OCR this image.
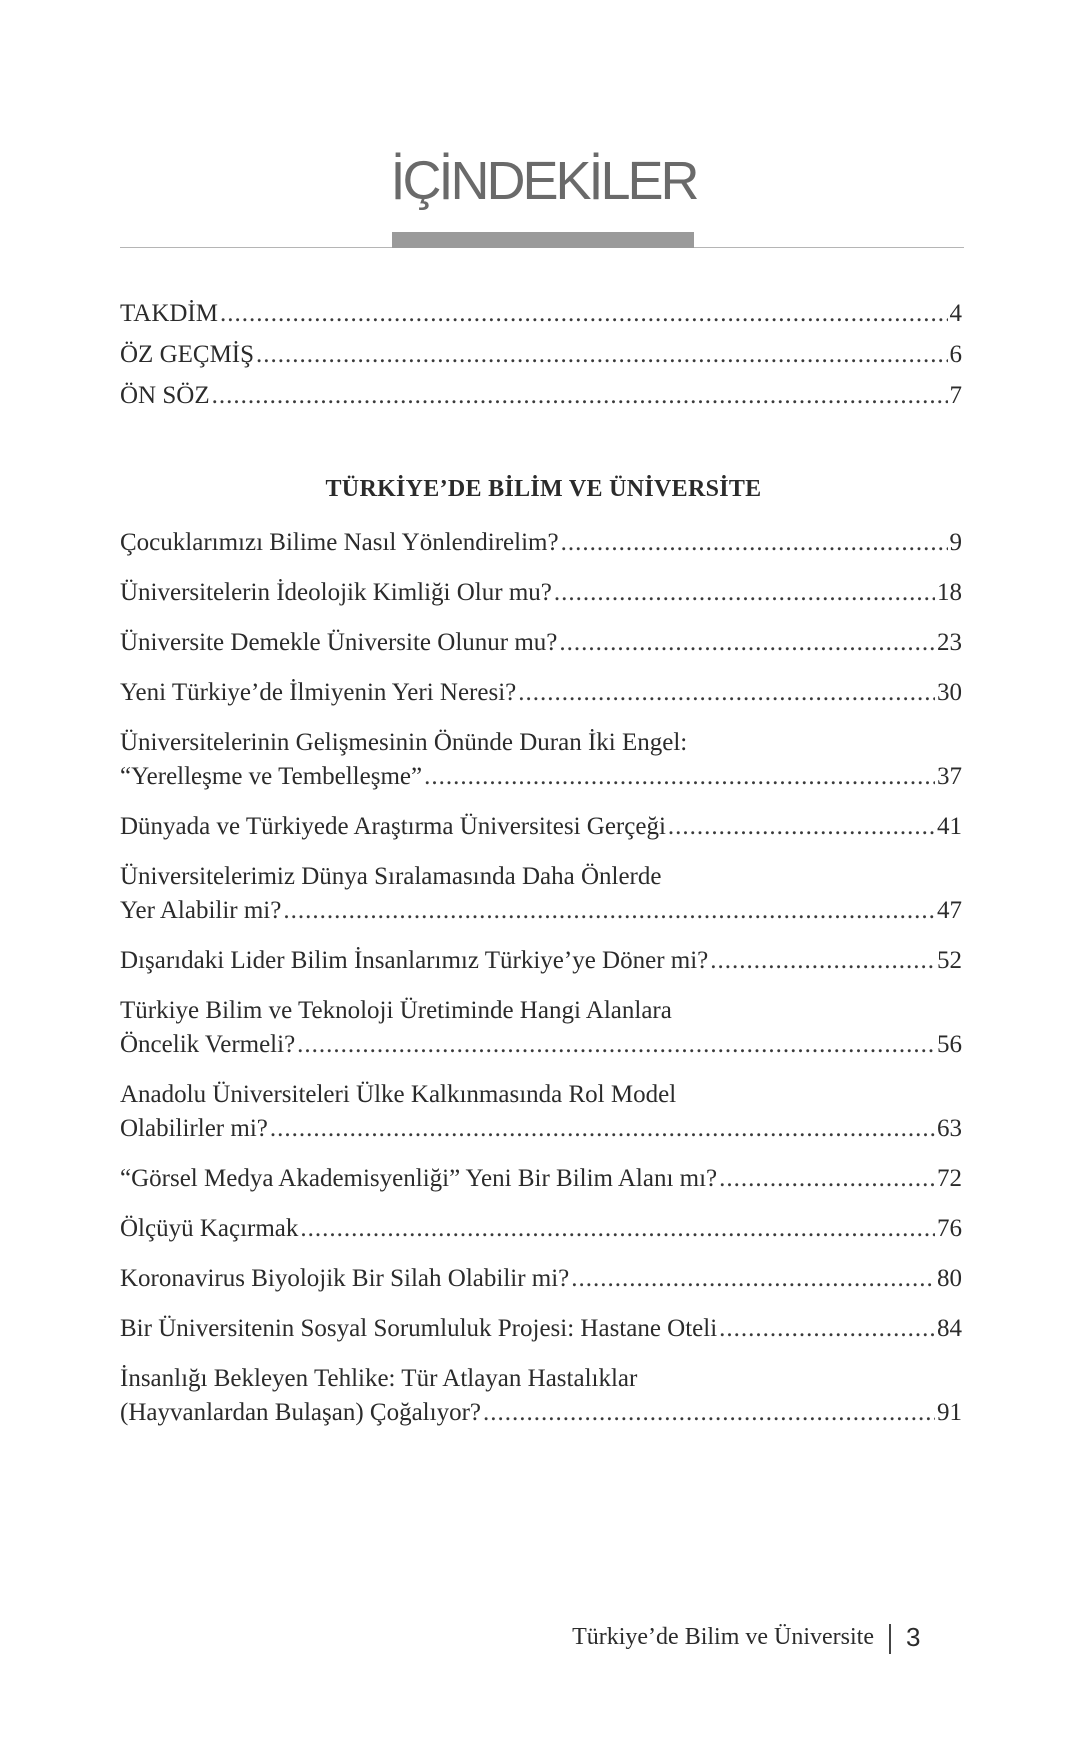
İÇİNDEKİLER
TAKDİM .....	4
ÖZ GEÇMİŞ .....	6
ÖN SÖZ .....	7
TÜRKİYE’DE BİLİM VE ÜNİVERSİTE
Çocuklarımızı Bilime Nasıl Yönlendirelim? .....	9
Üniversitelerin İdeolojik Kimliği Olur mu? .....	18
Üniversite Demekle Üniversite Olunur mu? .....	23
Yeni Türkiye’de İlmiyenin Yeri Neresi? .....	30
Üniversitelerinin Gelişmesinin Önünde Duran İki Engel:
“Yerelleşme ve Tembelleşme” .....	37
Dünyada ve Türkiyede Araştırma Üniversitesi Gerçeği .....	41
Üniversitelerimiz Dünya Sıralamasında Daha Önlerde
Yer Alabilir mi? .....	47
Dışarıdaki Lider Bilim İnsanlarımız Türkiye’ye Döner mi? .....	52
Türkiye Bilim ve Teknoloji Üretiminde Hangi Alanlara
Öncelik Vermeli? .....	56
Anadolu Üniversiteleri Ülke Kalkınmasında Rol Model
Olabilirler mi? .....	63
“Görsel Medya Akademisyenliği” Yeni Bir Bilim Alanı mı? .....	72
Ölçüyü Kaçırmak .....	76
Koronavirus Biyolojik Bir Silah Olabilir mi? .....	80
Bir Üniversitenin Sosyal Sorumluluk Projesi: Hastane Oteli .....	84
İnsanlığı Bekleyen Tehlike: Tür Atlayan Hastalıklar
(Hayvanlardan Bulaşan) Çoğalıyor? .....	91
Türkiye’de Bilim ve Üniversite 3
